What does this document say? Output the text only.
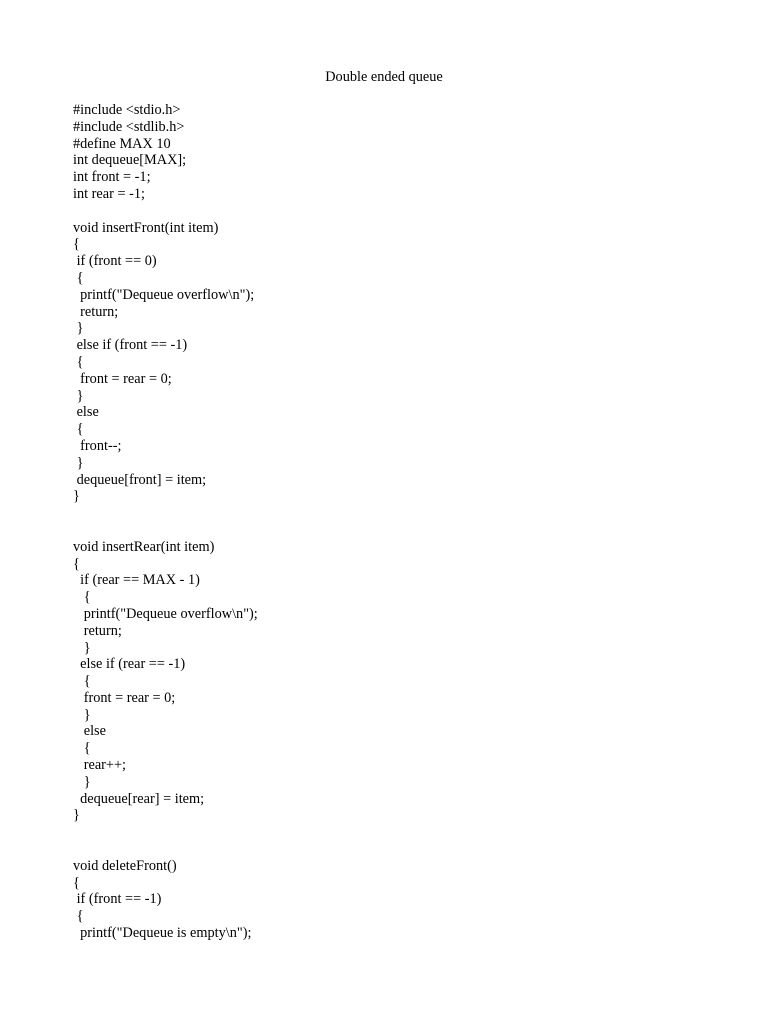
Double ended queue
#include <stdio.h>
#include <stdlib.h>
#define MAX 10
int dequeue[MAX];
int front = -1;
int rear = -1;
void insertFront(int item)
{
if (front == 0)
{
printf("Dequeue overflow\n");
return;
}
else if (front == -1)
{
front = rear = 0;
}
else
{
front--;
}
dequeue[front] = item;
}
void insertRear(int item)
{
if (rear == MAX - 1)
{
printf("Dequeue overflow\n");
return;
}
else if (rear == -1)
{
front = rear = 0;
}
else
{
rear++;
}
dequeue[rear] = item;
}
void deleteFront()
{
if (front == -1)
{
printf("Dequeue is empty\n");
